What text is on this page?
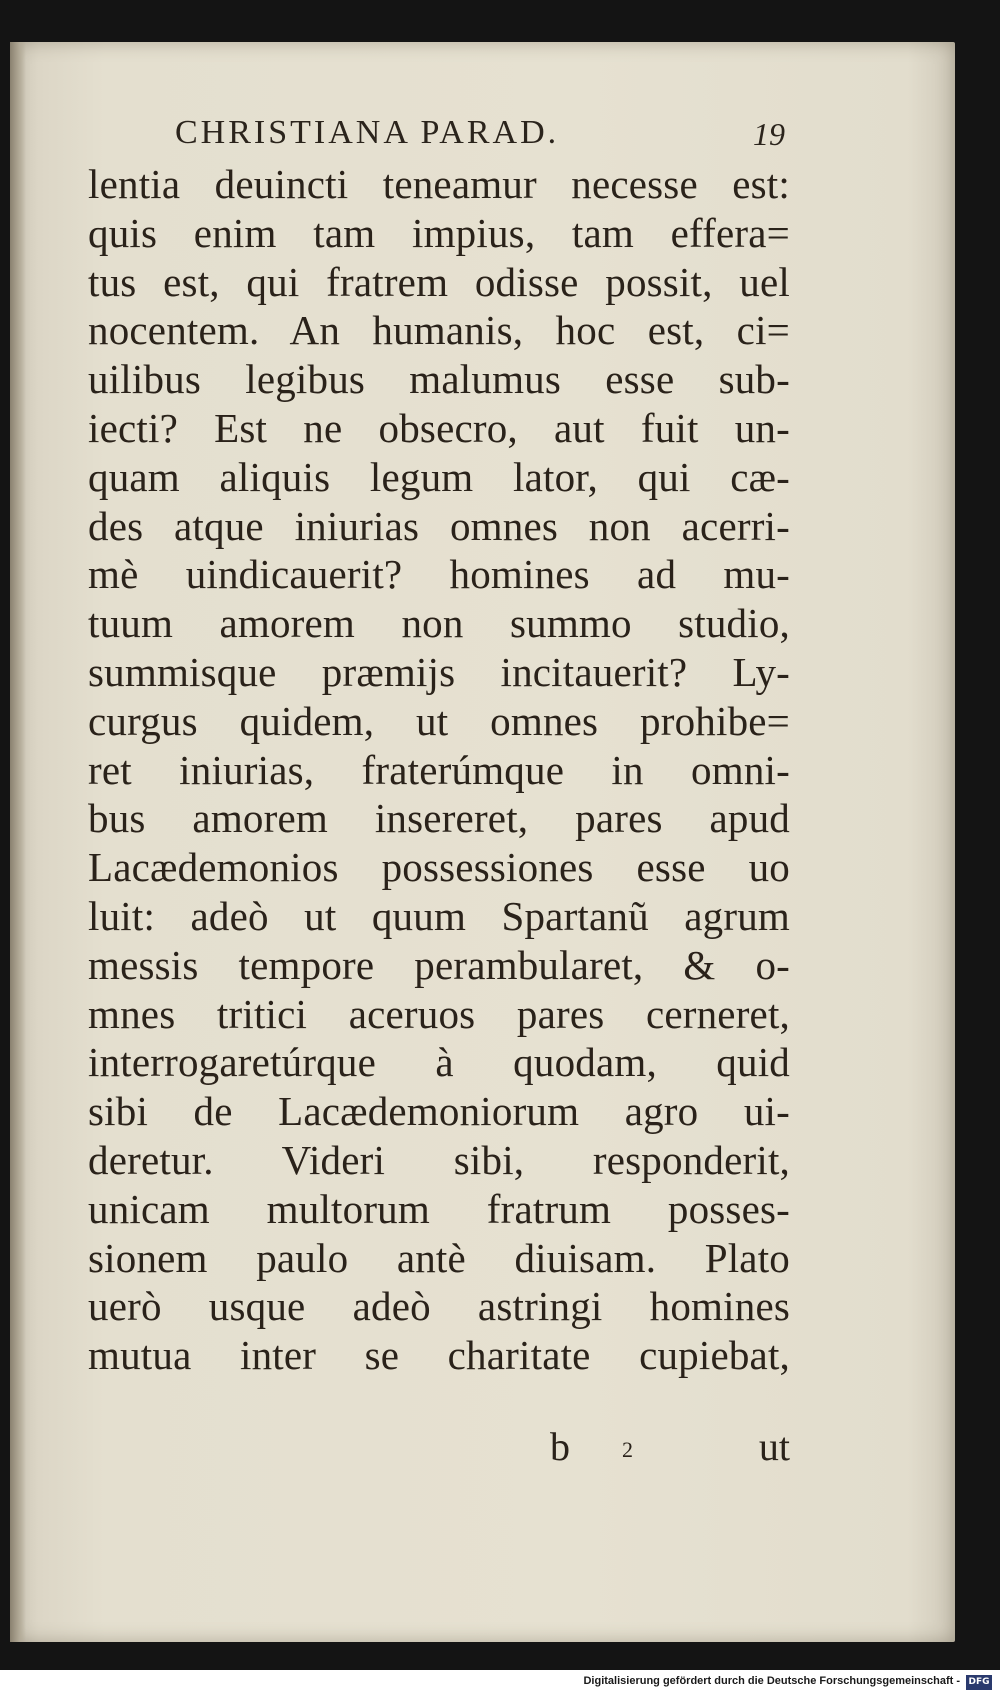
CHRISTIANA PARAD.	19
lentia deuincti teneamur necesse est:
quis enim tam impius, tam effera=
tus est, qui fratrem odisse possit, uel
nocentem. An humanis, hoc est, ci=
uilibus legibus malumus esse sub-
iecti? Est ne obsecro, aut fuit un-
quam aliquis legum lator, qui cæ-
des atque iniurias omnes non acerri-
mè uindicauerit? homines ad mu-
tuum amorem non summo studio,
summisque præmijs incitauerit? Ly-
curgus quidem, ut omnes prohibe=
ret iniurias, fraterúmque in omni-
bus amorem insereret, pares apud
Lacædemonios possessiones esse uo
luit: adeò ut quum Spartanũ agrum
messis tempore perambularet, & o-
mnes tritici aceruos pares cerneret,
interrogaretúrque à quodam, quid
sibi de Lacædemoniorum agro ui-
deretur. Videri sibi, responderit,
unicam multorum fratrum posses-
sionem paulo antè diuisam. Plato
uerò usque adeò astringi homines
mutua inter se charitate cupiebat,
b 2	ut
Digitalisierung gefördert durch die Deutsche Forschungsgemeinschaft - DFG
